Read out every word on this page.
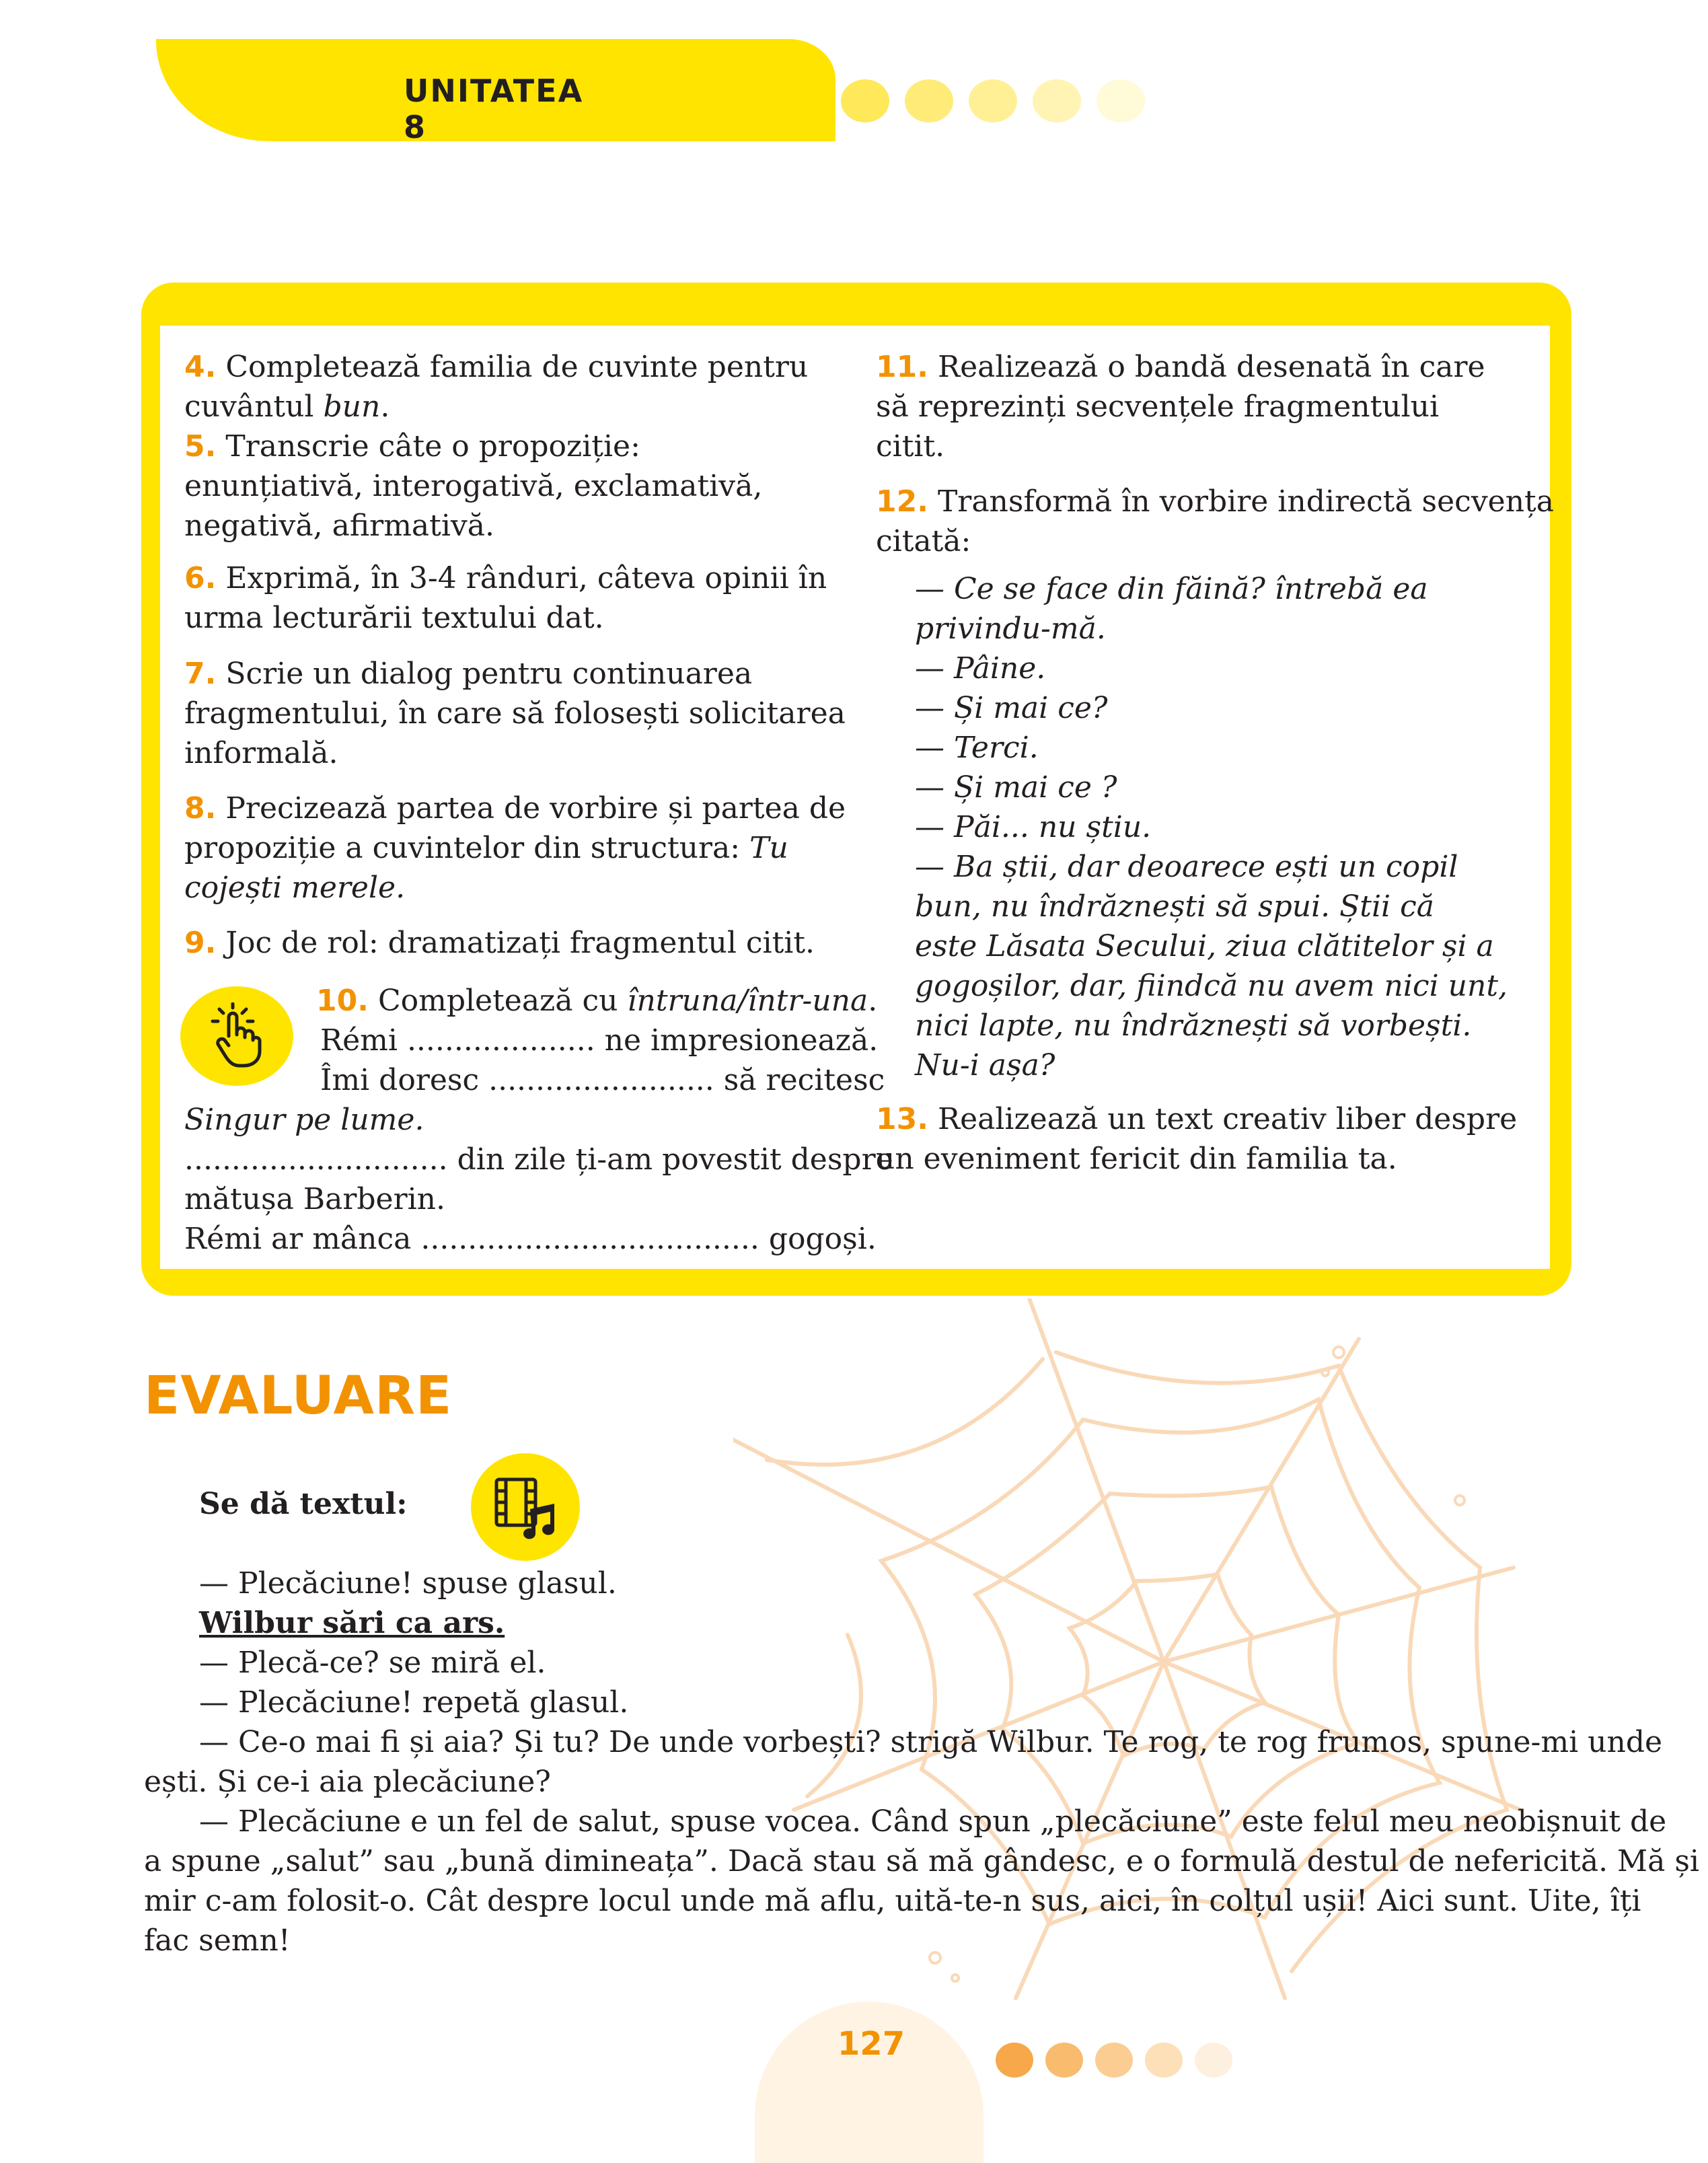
UNITATEA 8
4. Completează familia de cuvinte pentru
cuvântul bun.
5. Transcrie câte o propoziție:
enunțiativă, interogativă, exclamativă,
negativă, afirmativă.
6. Exprimă, în 3-4 rânduri, câteva opinii în
urma lecturării textului dat.
7. Scrie un dialog pentru continuarea
fragmentului, în care să folosești solicitarea
informală.
8. Precizează partea de vorbire și partea de
propoziție a cuvintelor din structura: Tu
cojești merele.
9. Joc de rol: dramatizați fragmentul citit.
10. Completează cu întruna/într-una.
Rémi .................... ne impresionează.
Îmi doresc ........................ să recitesc
Singur pe lume.
............................ din zile ți-am povestit despre
mătușa Barberin.
Rémi ar mânca .................................... gogoși.
11. Realizează o bandă desenată în care
să reprezinți secvențele fragmentului
citit.
12. Transformă în vorbire indirectă secvența
citată:
— Ce se face din făină? întrebă ea
privindu-mă.
— Pâine.
— Și mai ce?
— Terci.
— Și mai ce ?
— Păi... nu știu.
— Ba știi, dar deoarece ești un copil
bun, nu îndrăznești să spui. Știi că
este Lăsata Secului, ziua clătitelor și a
gogoșilor, dar, fiindcă nu avem nici unt,
nici lapte, nu îndrăznești să vorbești.
Nu-i așa?
13. Realizează un text creativ liber despre
un eveniment fericit din familia ta.
EVALUARE
Se dă textul:
— Plecăciune! spuse glasul.
Wilbur sări ca ars.
— Plecă-ce? se miră el.
— Plecăciune! repetă glasul.
— Ce-o mai fi și aia? Și tu? De unde vorbești? strigă Wilbur. Te rog, te rog frumos, spune-mi unde
ești. Și ce-i aia plecăciune?
— Plecăciune e un fel de salut, spuse vocea. Când spun „plecăciune” este felul meu neobișnuit de
a spune „salut” sau „bună dimineața”. Dacă stau să mă gândesc, e o formulă destul de nefericită. Mă și
mir c-am folosit-o. Cât despre locul unde mă aflu, uită-te-n sus, aici, în colțul ușii! Aici sunt. Uite, îți
fac semn!
127
